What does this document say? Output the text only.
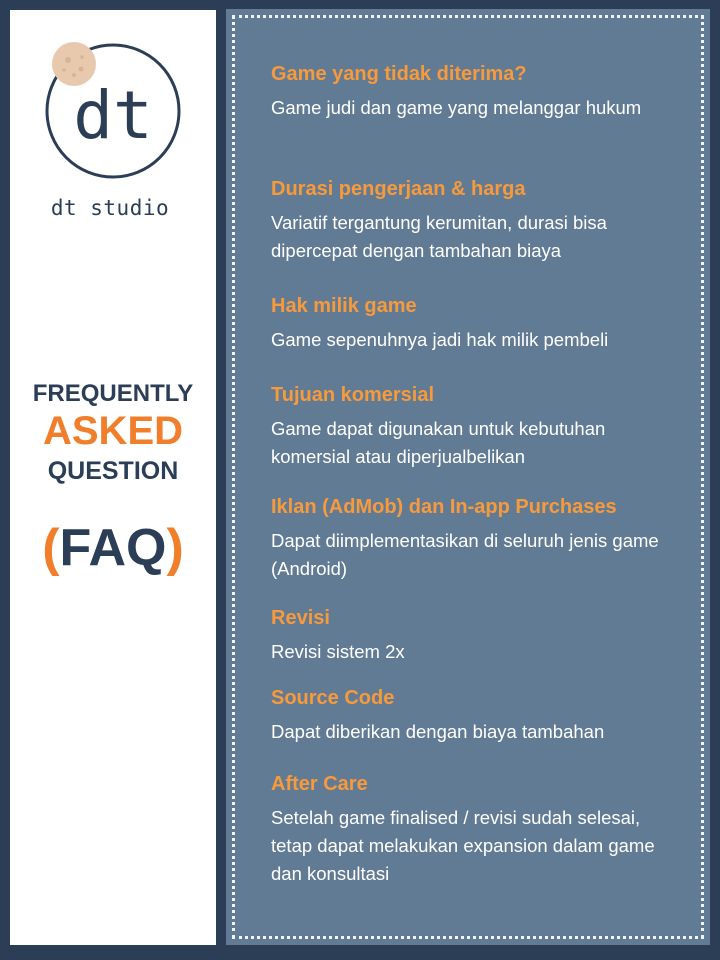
dt
dt studio
FREQUENTLY
ASKED
QUESTION
(FAQ)
Game yang tidak diterima?
Game judi dan game yang melanggar hukum
Durasi pengerjaan & harga
Variatif tergantung kerumitan, durasi bisa dipercepat dengan tambahan biaya
Hak milik game
Game sepenuhnya jadi hak milik pembeli
Tujuan komersial
Game dapat digunakan untuk kebutuhan komersial atau diperjualbelikan
Iklan (AdMob) dan In-app Purchases
Dapat diimplementasikan di seluruh jenis game (Android)
Revisi
Revisi sistem 2x
Source Code
Dapat diberikan dengan biaya tambahan
After Care
Setelah game finalised / revisi sudah selesai, tetap dapat melakukan expansion dalam game dan konsultasi
